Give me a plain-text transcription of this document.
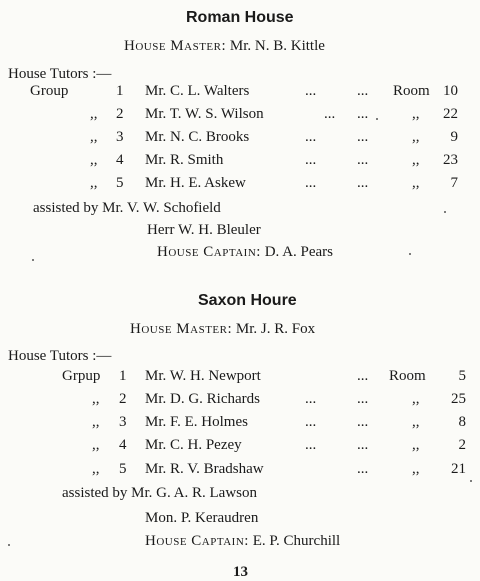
Roman House
House Master: Mr. N. B. Kittle
House Tutors :—
Group	1 Mr. C. L. Walters	...	... Room 10
,, 2 Mr. T. W. S. Wilson	... ...	,, 22
,, 3 Mr. N. C. Brooks	...	...	,, 9
,, 4 Mr. R. Smith	...	...	,, 23
,, 5 Mr. H. E. Askew	...	...	,, 7
assisted by Mr. V. W. Schofield
Herr W. H. Bleuler
House Captain: D. A. Pears
Saxon Houre
House Master: Mr. J. R. Fox
House Tutors :—
Grpup 1 Mr. W. H. Newport	... Room 5
,, 2 Mr. D. G. Richards	...	...	,, 25
,, 3 Mr. F. E. Holmes	...	...	,,	8
,, 4 Mr. C. H. Pezey	...	...	,,	2
,, 5 Mr. R. V. Bradshaw	...	,, 21
assisted by Mr. G. A. R. Lawson
Mon. P. Keraudren
House Captain: E. P. Churchill
13
